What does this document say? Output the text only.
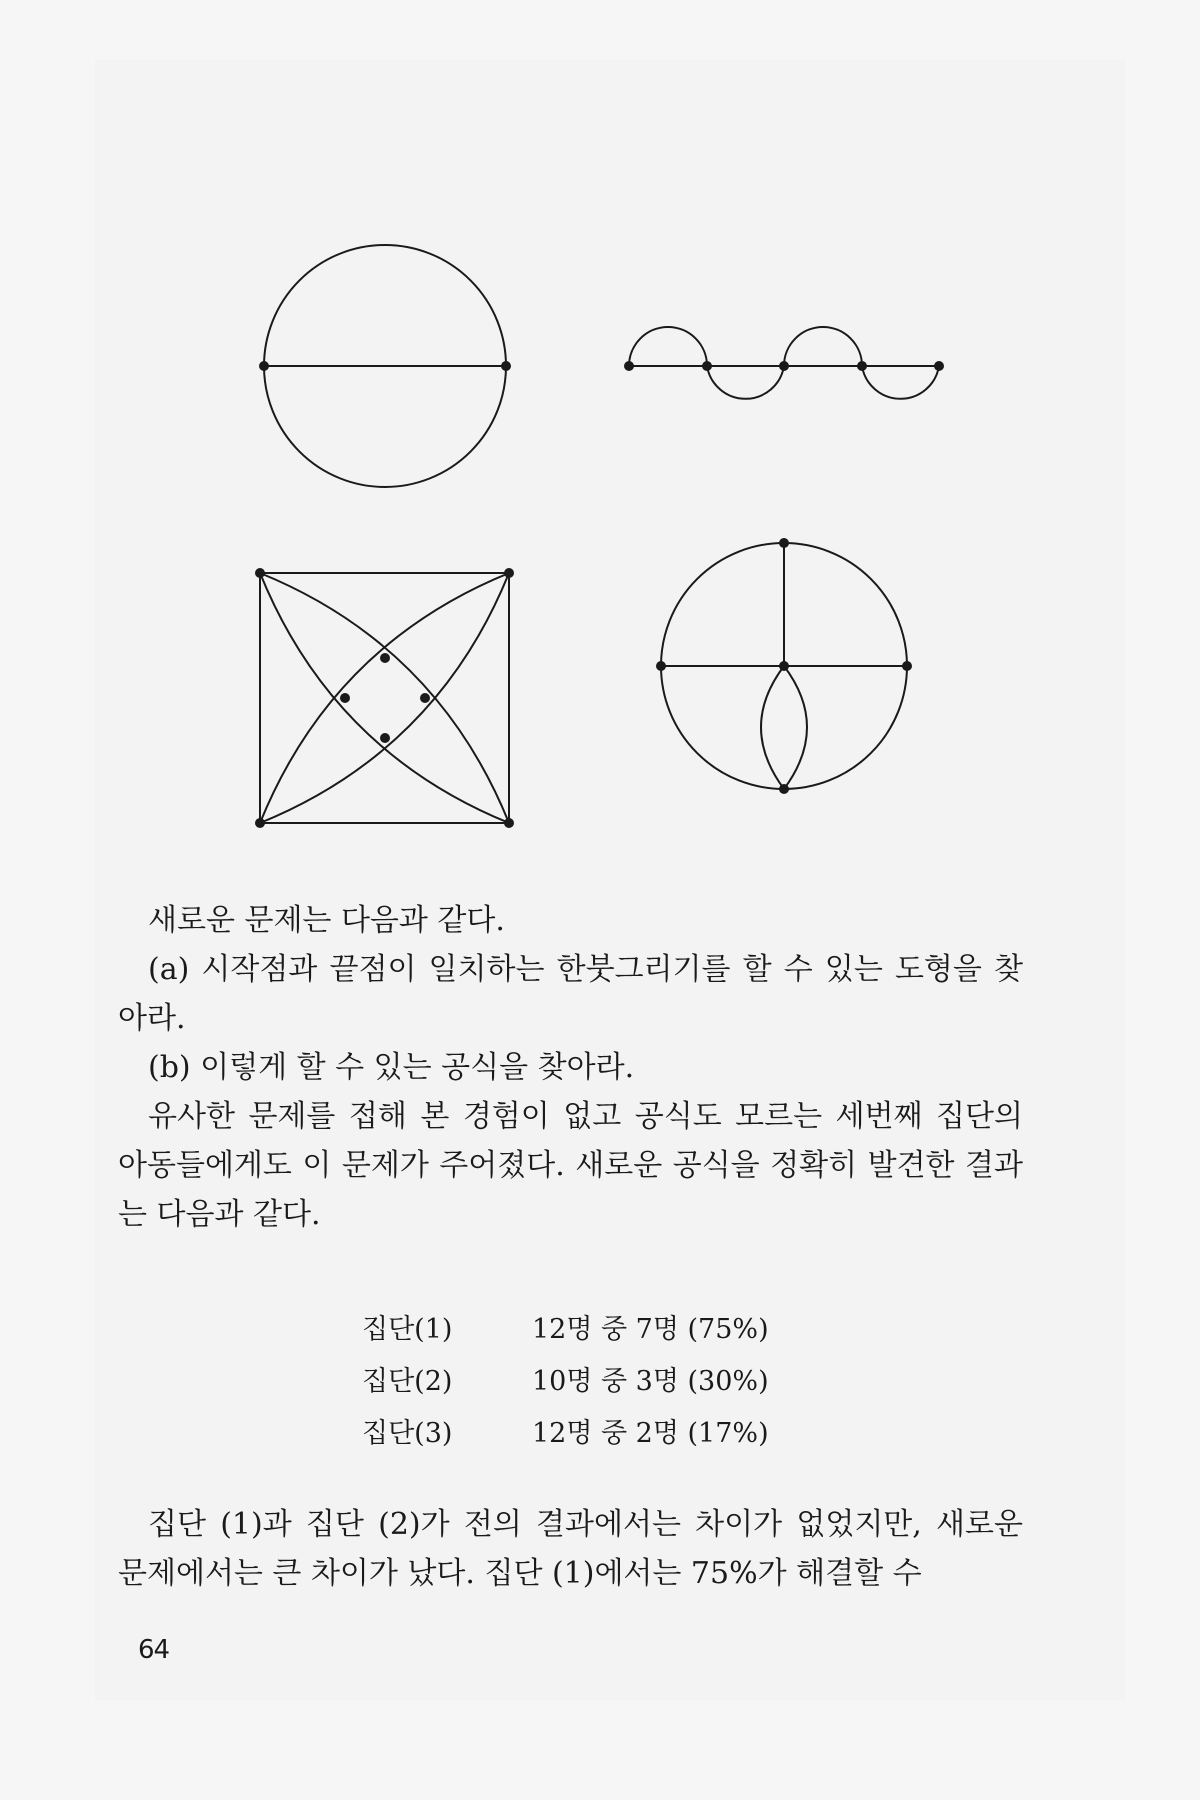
새로운 문제는 다음과 같다.

(a) 시작점과 끝점이 일치하는 한붓그리기를 할 수 있는 도형을 찾아라.

(b) 이렇게 할 수 있는 공식을 찾아라.

유사한 문제를 접해 본 경험이 없고 공식도 모르는 세번째 집단의 아동들에게도 이 문제가 주어졌다. 새로운 공식을 정확히 발견한 결과는 다음과 같다.

집단(1)	12명 중 7명 (75%)
집단(2)	10명 중 3명 (30%)
집단(3)	12명 중 2명 (17%)

집단 (1)과 집단 (2)가 전의 결과에서는 차이가 없었지만, 새로운 문제에서는 큰 차이가 났다. 집단 (1)에서는 75%가 해결할 수

64
